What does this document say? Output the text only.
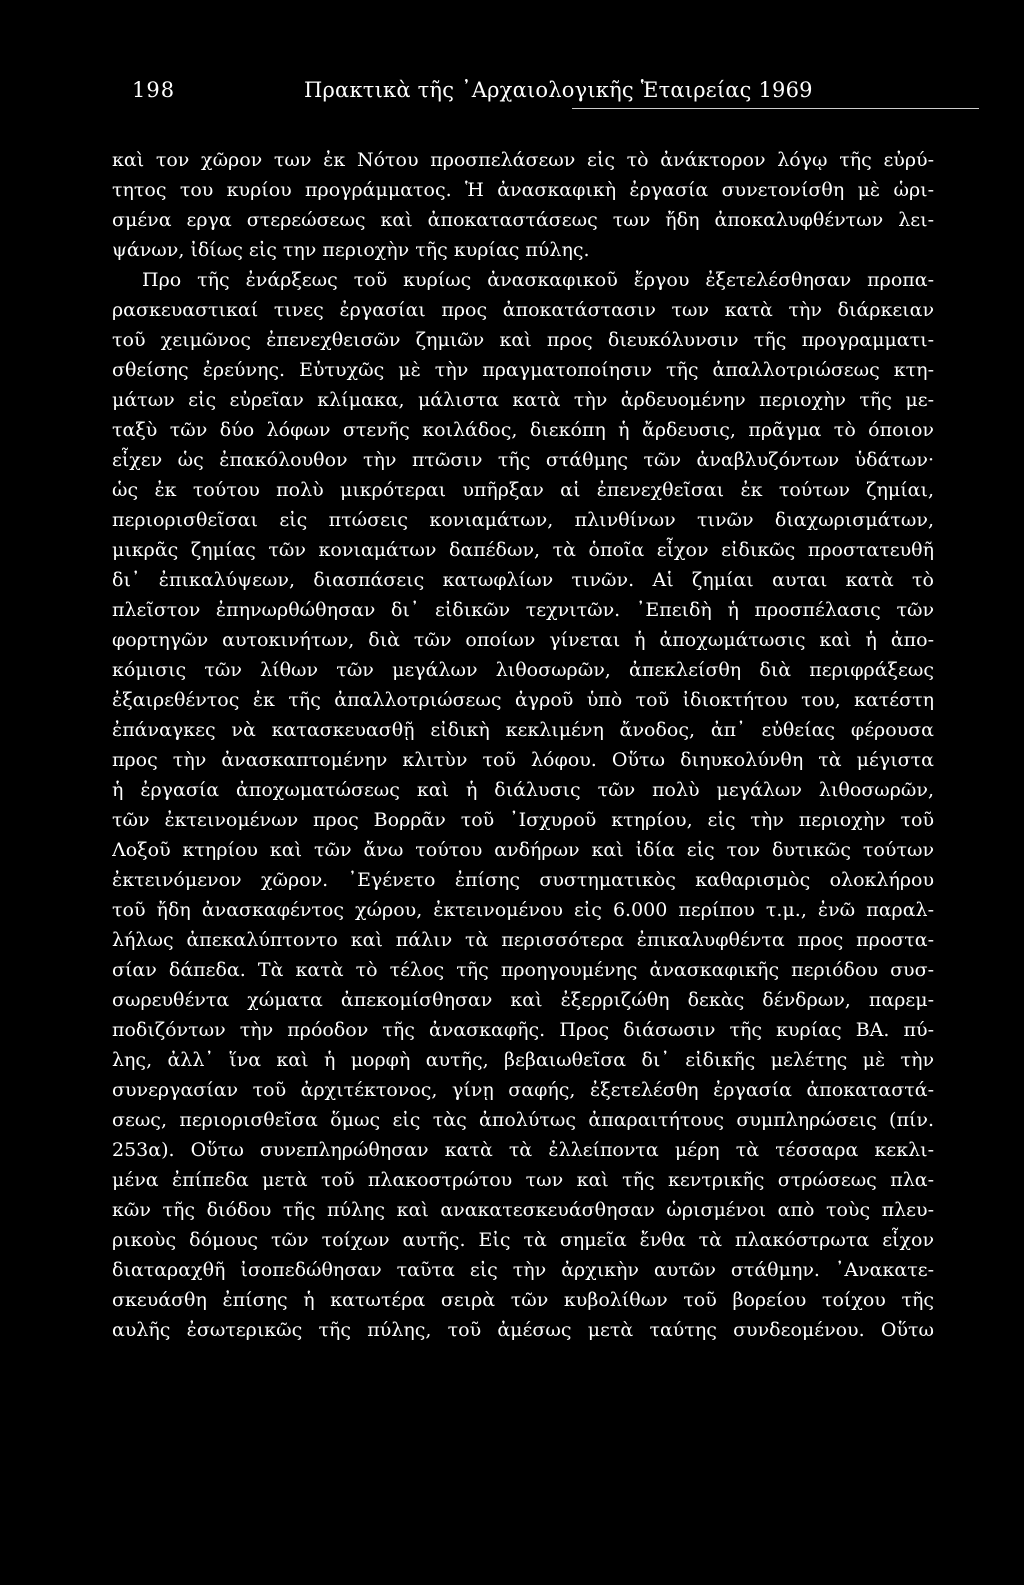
198	Πρακτικὰ τῆς ᾿Αρχαιολογικῆς Ἑταιρείας 1969
καὶ τον χῶρον των ἐκ Νότου προσπελάσεων εἰς τὸ ἀνάκτορον λόγῳ τῆς εὐρύ-
τητος του κυρίου προγράμματος. Ἡ ἀνασκαφικὴ ἐργασία συνετονίσθη μὲ ὡρι-
σμένα εργα στερεώσεως καὶ ἀποκαταστάσεως των ἤδη ἀποκαλυφθέντων λει-
ψάνων, ἰδίως εἰς την περιοχὴν τῆς κυρίας πύλης.
Προ τῆς ἐνάρξεως τοῦ κυρίως ἀνασκαφικοῦ ἔργου ἐξετελέσθησαν προπα-
ρασκευαστικαί τινες ἐργασίαι προς ἀποκατάστασιν των κατὰ τὴν διάρκειαν
τοῦ χειμῶνος ἐπενεχθεισῶν ζημιῶν καὶ προς διευκόλυνσιν τῆς προγραμματι-
σθείσης ἐρεύνης. Εὐτυχῶς μὲ τὴν πραγματοποίησιν τῆς ἀπαλλοτριώσεως κτη-
μάτων εἰς εὐρεῖαν κλίμακα, μάλιστα κατὰ τὴν ἀρδευομένην περιοχὴν τῆς με-
ταξὺ τῶν δύο λόφων στενῆς κοιλάδος, διεκόπη ἡ ἄρδευσις, πρᾶγμα τὸ όποιον
εἶχεν ὡς ἐπακόλουθον τὴν πτῶσιν τῆς στάθμης τῶν ἀναβλυζόντων ὑδάτων·
ὡς ἐκ τούτου πολὺ μικρότεραι υπῆρξαν αἱ ἐπενεχθεῖσαι ἐκ τούτων ζημίαι,
περιορισθεῖσαι εἰς πτώσεις κονιαμάτων, πλινθίνων τινῶν διαχωρισμάτων,
μικρᾶς ζημίας τῶν κονιαμάτων δαπέδων, τὰ ὁποῖα εἶχον εἰδικῶς προστατευθῆ
δι᾿ ἐπικαλύψεων, διασπάσεις κατωφλίων τινῶν. Αἱ ζημίαι αυται κατὰ τὸ
πλεῖστον ἐπηνωρθώθησαν δι᾿ εἰδικῶν τεχνιτῶν. ᾿Επειδὴ ἡ προσπέλασις τῶν
φορτηγῶν αυτοκινήτων, διὰ τῶν οποίων γίνεται ἡ ἀποχωμάτωσις καὶ ἡ ἀπο-
κόμισις τῶν λίθων τῶν μεγάλων λιθοσωρῶν, ἀπεκλείσθη διὰ περιφράξεως
ἐξαιρεθέντος ἐκ τῆς ἀπαλλοτριώσεως ἀγροῦ ὑπὸ τοῦ ἰδιοκτήτου του, κατέστη
ἐπάναγκες νὰ κατασκευασθῇ εἰδικὴ κεκλιμένη ἄνοδος, ἀπ᾿ εὐθείας φέρουσα
προς τὴν ἀνασκαπτομένην κλιτὺν τοῦ λόφου. Οὕτω διηυκολύνθη τὰ μέγιστα
ἡ ἐργασία ἀποχωματώσεως καὶ ἡ διάλυσις τῶν πολὺ μεγάλων λιθοσωρῶν,
τῶν ἐκτεινομένων προς Βορρᾶν τοῦ ᾿Ισχυροῦ κτηρίου, εἰς τὴν περιοχὴν τοῦ
Λοξοῦ κτηρίου καὶ τῶν ἄνω τούτου ανδήρων καὶ ἰδία εἰς τον δυτικῶς τούτων
ἐκτεινόμενον χῶρον. ᾿Εγένετο ἐπίσης συστηματικὸς καθαρισμὸς ολοκλήρου
τοῦ ἤδη ἀνασκαφέντος χώρου, ἐκτεινομένου εἰς 6.000 περίπου τ.μ., ἐνῶ παραλ-
λήλως ἀπεκαλύπτοντο καὶ πάλιν τὰ περισσότερα ἐπικαλυφθέντα προς προστα-
σίαν δάπεδα. Τὰ κατὰ τὸ τέλος τῆς προηγουμένης ἀνασκαφικῆς περιόδου συσ-
σωρευθέντα χώματα ἀπεκομίσθησαν καὶ ἐξερριζώθη δεκὰς δένδρων, παρεμ-
ποδιζόντων τὴν πρόοδον τῆς ἀνασκαφῆς. Προς διάσωσιν τῆς κυρίας ΒΑ. πύ-
λης, ἀλλ᾿ ἵνα καὶ ἡ μορφὴ αυτῆς, βεβαιωθεῖσα δι᾿ εἰδικῆς μελέτης μὲ τὴν
συνεργασίαν τοῦ ἀρχιτέκτονος, γίνῃ σαφής, ἐξετελέσθη ἐργασία ἀποκαταστά-
σεως, περιορισθεῖσα ὅμως εἰς τὰς ἀπολύτως ἀπαραιτήτους συμπληρώσεις (πίν.
253α). Οὕτω συνεπληρώθησαν κατὰ τὰ ἐλλείποντα μέρη τὰ τέσσαρα κεκλι-
μένα ἐπίπεδα μετὰ τοῦ πλακοστρώτου των καὶ τῆς κεντρικῆς στρώσεως πλα-
κῶν τῆς διόδου τῆς πύλης καὶ ανακατεσκευάσθησαν ὡρισμένοι απὸ τοὺς πλευ-
ρικοὺς δόμους τῶν τοίχων αυτῆς. Εἰς τὰ σημεῖα ἔνθα τὰ πλακόστρωτα εἶχον
διαταραχθῆ ἰσοπεδώθησαν ταῦτα εἰς τὴν ἀρχικὴν αυτῶν στάθμην. ᾿Ανακατε-
σκευάσθη ἐπίσης ἡ κατωτέρα σειρὰ τῶν κυβολίθων τοῦ βορείου τοίχου τῆς
αυλῆς ἐσωτερικῶς τῆς πύλης, τοῦ ἀμέσως μετὰ ταύτης συνδεομένου. Οὕτω
